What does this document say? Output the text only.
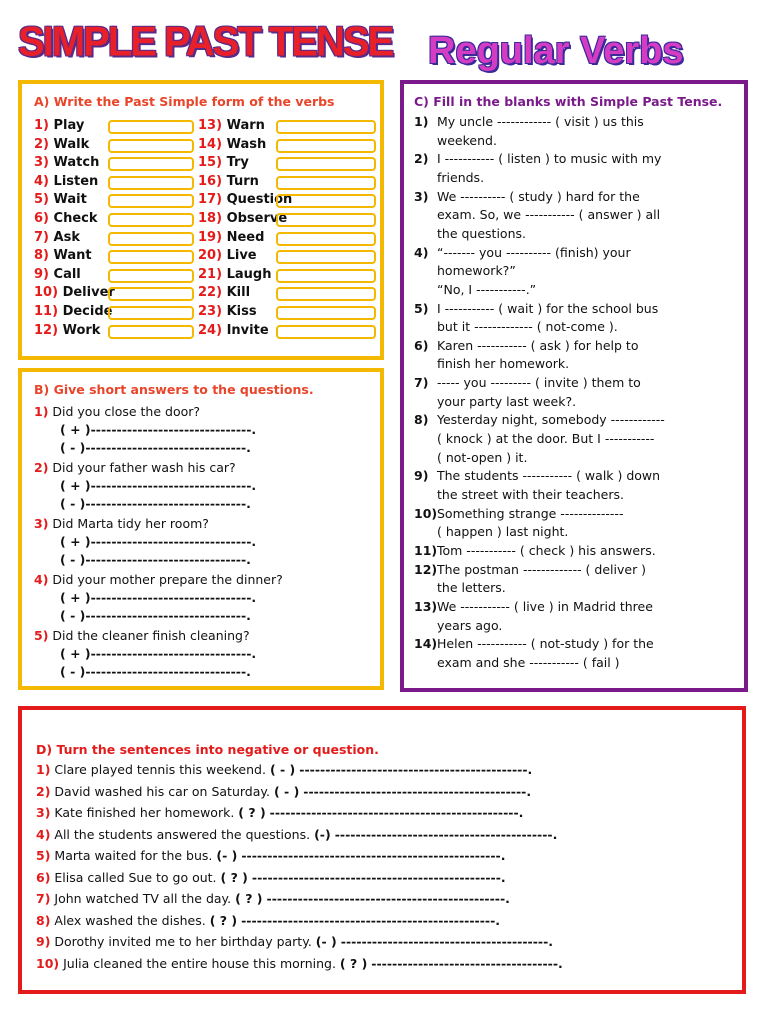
SIMPLE PAST TENSE Regular Verbs
A) Write the Past Simple form of the verbs
1) Play
2) Walk
3) Watch
4) Listen
5) Wait
6) Check
7) Ask
8) Want
9) Call
10) Deliver
11) Decide
12) Work
13) Warn
14) Wash
15) Try
16) Turn
17) Question
18) Observe
19) Need
20) Live
21) Laugh
22) Kill
23) Kiss
24) Invite
B) Give short answers to the questions.
1) Did you close the door?
( + )-------------------------------.
( - )-------------------------------.
2) Did your father wash his car?
( + )-------------------------------.
( - )-------------------------------.
3) Did Marta tidy her room?
( + )-------------------------------.
( - )-------------------------------.
4) Did your mother prepare the dinner?
( + )-------------------------------.
( - )-------------------------------.
5) Did the cleaner finish cleaning?
( + )-------------------------------.
( - )-------------------------------.
C) Fill in the blanks with Simple Past Tense.
1) My uncle ------------ ( visit ) us this
weekend.
2) I ----------- ( listen ) to music with my
friends.
3) We ---------- ( study ) hard for the
exam. So, we ----------- ( answer ) all
the questions.
4) “------- you ---------- (finish) your
homework?”
“No, I -----------.”
5) I ----------- ( wait ) for the school bus
but it ------------- ( not-come ).
6) Karen ----------- ( ask ) for help to
finish her homework.
7) ----- you --------- ( invite ) them to
your party last week?.
8) Yesterday night, somebody ------------
( knock ) at the door. But I -----------
( not-open ) it.
9) The students ----------- ( walk ) down
the street with their teachers.
10) Something strange --------------
( happen ) last night.
11) Tom ----------- ( check ) his answers.
12) The postman ------------- ( deliver )
the letters.
13) We ----------- ( live ) in Madrid three
years ago.
14) Helen ----------- ( not-study ) for the
exam and she ----------- ( fail )
D) Turn the sentences into negative or question.
1) Clare played tennis this weekend. ( - ) --------------------------------------------.
2) David washed his car on Saturday. ( - ) -------------------------------------------.
3) Kate finished her homework. ( ? ) ------------------------------------------------.
4) All the students answered the questions. (-) ------------------------------------------.
5) Marta waited for the bus. (- ) --------------------------------------------------.
6) Elisa called Sue to go out. ( ? ) ------------------------------------------------.
7) John watched TV all the day. ( ? ) ----------------------------------------------.
8) Alex washed the dishes. ( ? ) -------------------------------------------------.
9) Dorothy invited me to her birthday party. (- ) ----------------------------------------.
10) Julia cleaned the entire house this morning. ( ? ) ------------------------------------.
